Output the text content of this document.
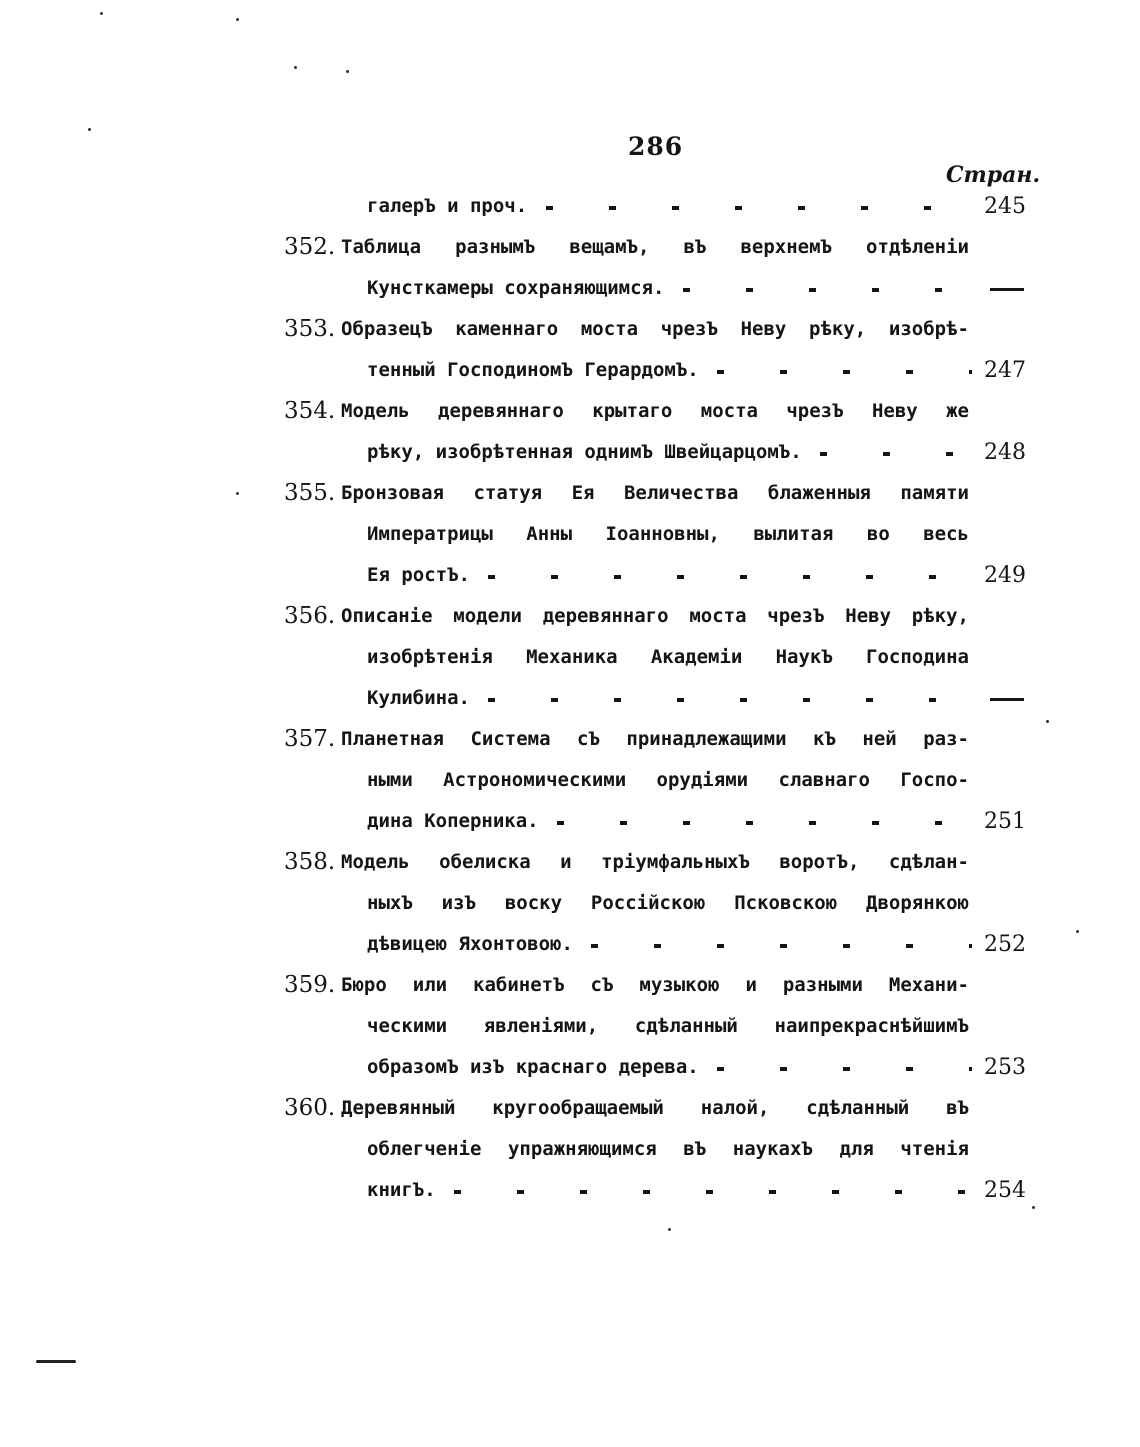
286
Стран.
галерЪ и проч.	245
352. Таблица разнымЪ вещамЪ, вЪ верхнемЪ отдѣленіи
Кунсткамеры сохраняющимся.
353. ОбразецЪ каменнаго моста чрезЪ Неву рѣку, изобрѣ-
тенный ГосподиномЪ ГерардомЪ.	247
354. Модель деревяннаго крытаго моста чрезЪ Неву же
рѣку, изобрѣтенная однимЪ ШвейцарцомЪ.	248
355. Бронзовая статуя Ея Величества блаженныя памяти
Императрицы Анны Іоанновны, вылитая во весь
Ея ростЪ.	249
356. Описаніе модели деревяннаго моста чрезЪ Неву рѣку,
изобрѣтенія Механика Академіи НаукЪ Господина
Кулибина.
357. Планетная Система сЪ принадлежащими кЪ ней раз-
ными Астрономическими орудіями славнаго Госпо-
дина Коперника.	251
358. Модель обелиска и тріумфальныхЪ воротЪ, сдѣлан-
ныхЪ изЪ воску Россійскою Псковскою Дворянкою
дѣвицею Яхонтовою.	252
359. Бюро или кабинетЪ сЪ музыкою и разными Механи-
ческими явленіями, сдѣланный наипрекраснѣйшимЪ
образомЪ изЪ краснаго дерева.	253
360. Деревянный кругообращаемый налой, сдѣланный вЪ
облегченіе упражняющимся вЪ наукахЪ для чтенія
книгЪ.	254
